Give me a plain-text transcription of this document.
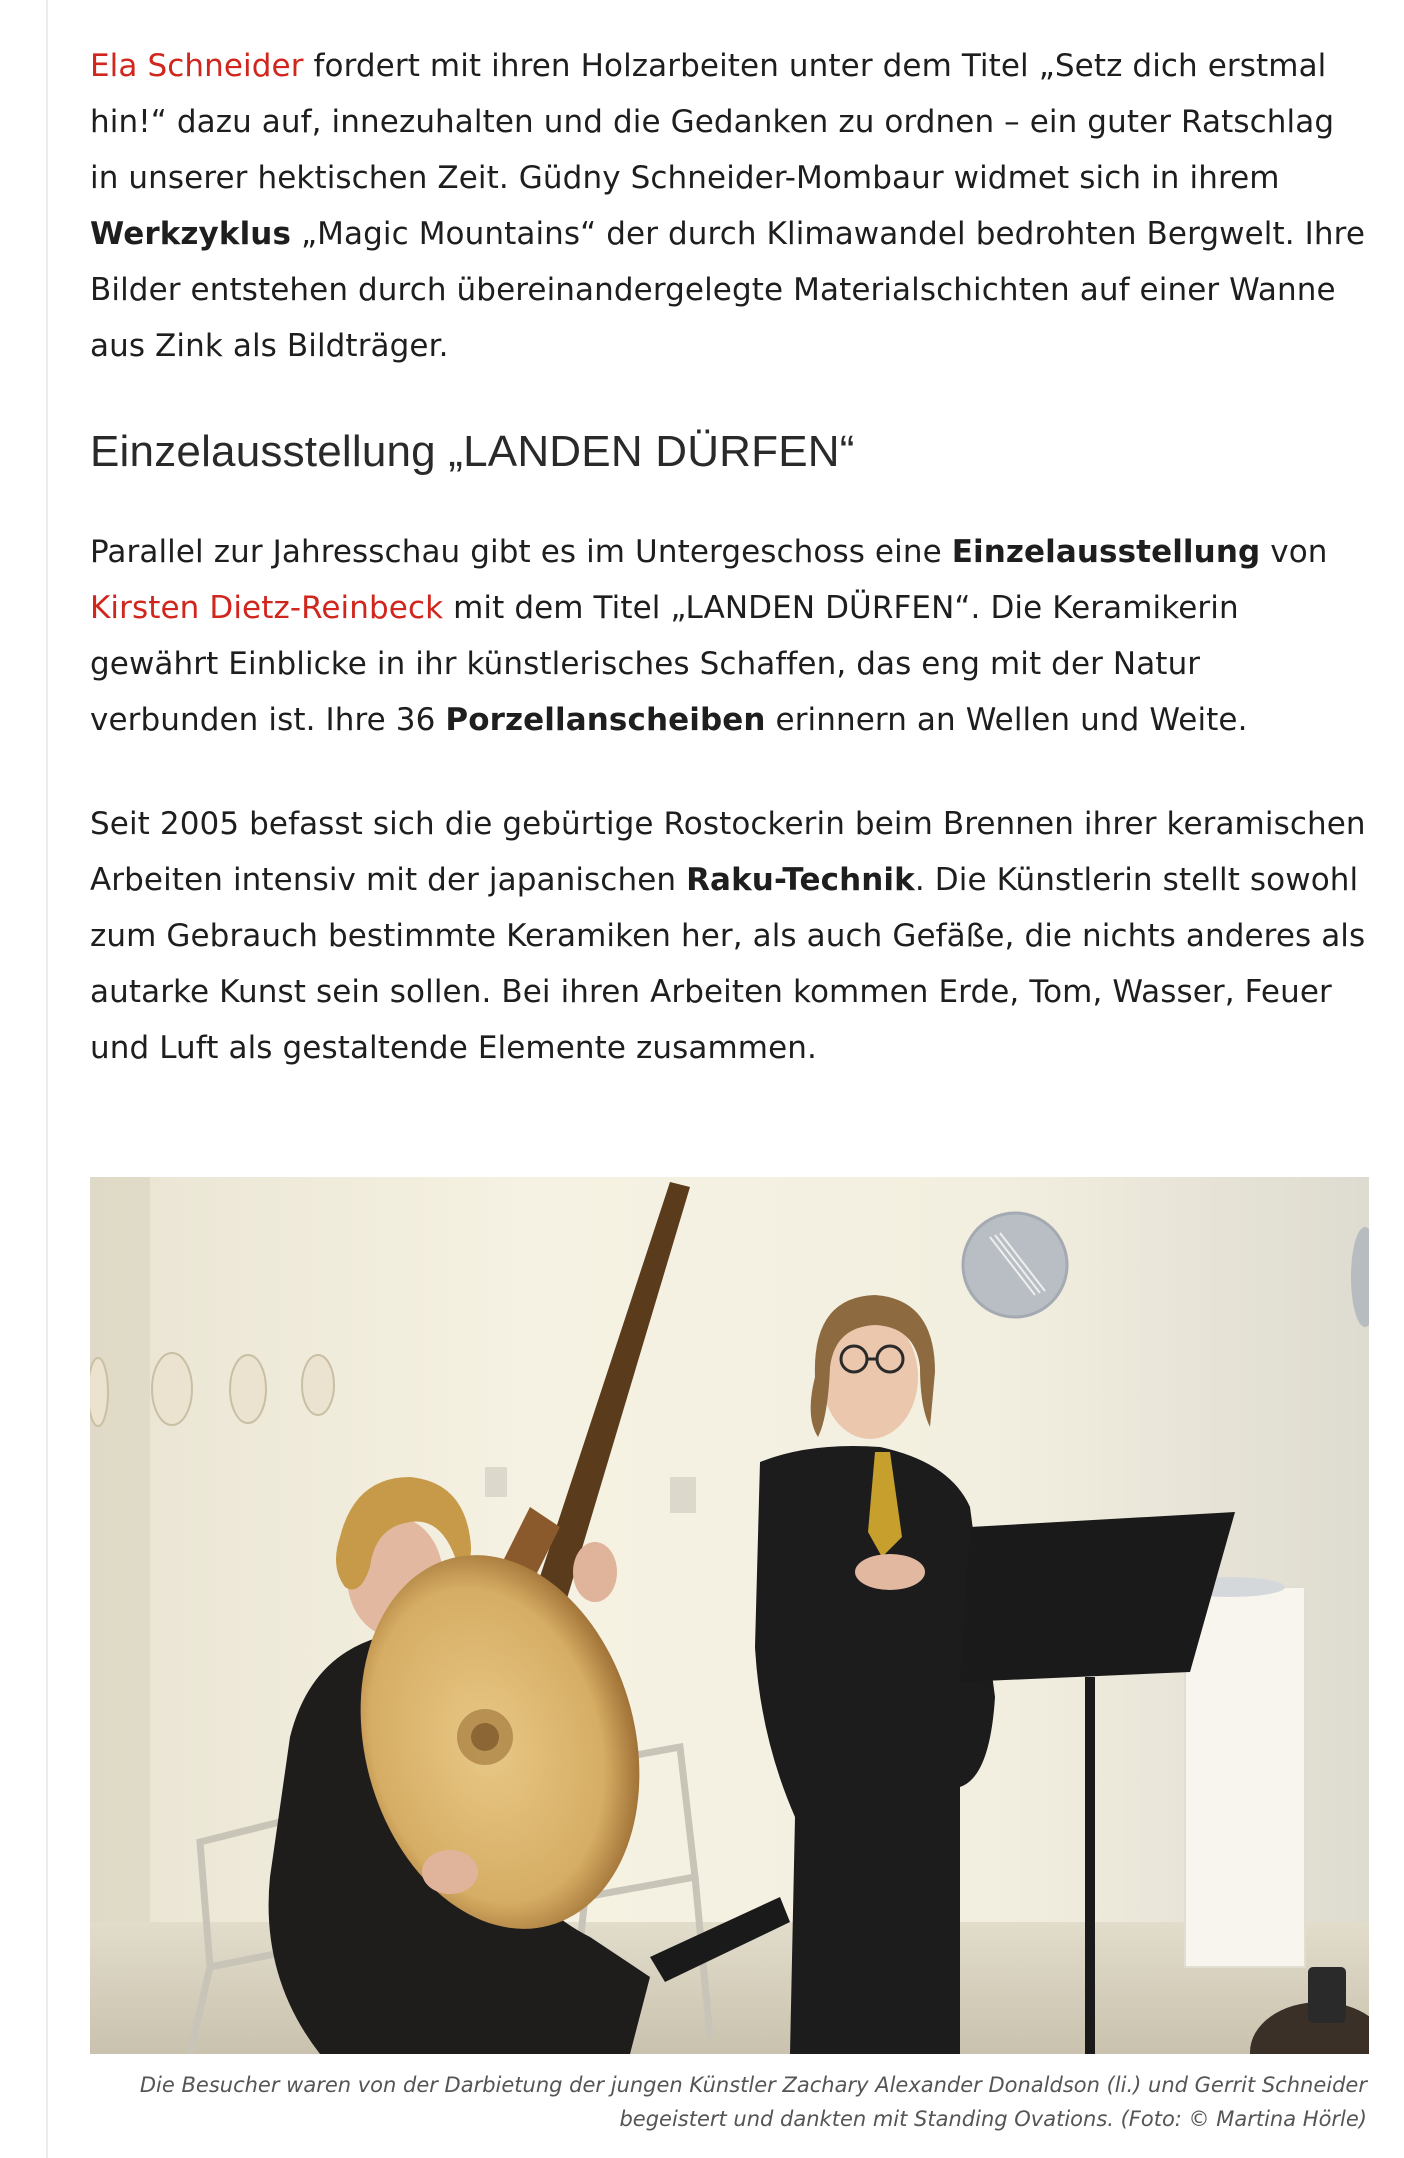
Ela Schneider fordert mit ihren Holzarbeiten unter dem Titel „Setz dich erstmal hin!“ dazu auf, innezuhalten und die Gedanken zu ordnen – ein guter Ratschlag in unserer hektischen Zeit. Güdny Schneider-Mombaur widmet sich in ihrem Werkzyklus „Magic Mountains“ der durch Klimawandel bedrohten Bergwelt. Ihre Bilder entstehen durch übereinandergelegte Materialschichten auf einer Wanne aus Zink als Bildträger.

Einzelausstellung „LANDEN DÜRFEN“

Parallel zur Jahresschau gibt es im Untergeschoss eine Einzelausstellung von Kirsten Dietz-Reinbeck mit dem Titel „LANDEN DÜRFEN“. Die Keramikerin gewährt Einblicke in ihr künstlerisches Schaffen, das eng mit der Natur verbunden ist. Ihre 36 Porzellanscheiben erinnern an Wellen und Weite.

Seit 2005 befasst sich die gebürtige Rostockerin beim Brennen ihrer keramischen Arbeiten intensiv mit der japanischen Raku-Technik. Die Künstlerin stellt sowohl zum Gebrauch bestimmte Keramiken her, als auch Gefäße, die nichts anderes als autarke Kunst sein sollen. Bei ihren Arbeiten kommen Erde, Tom, Wasser, Feuer und Luft als gestaltende Elemente zusammen.

Die Besucher waren von der Darbietung der jungen Künstler Zachary Alexander Donaldson (li.) und Gerrit Schneider begeistert und dankten mit Standing Ovations. (Foto: © Martina Hörle)
